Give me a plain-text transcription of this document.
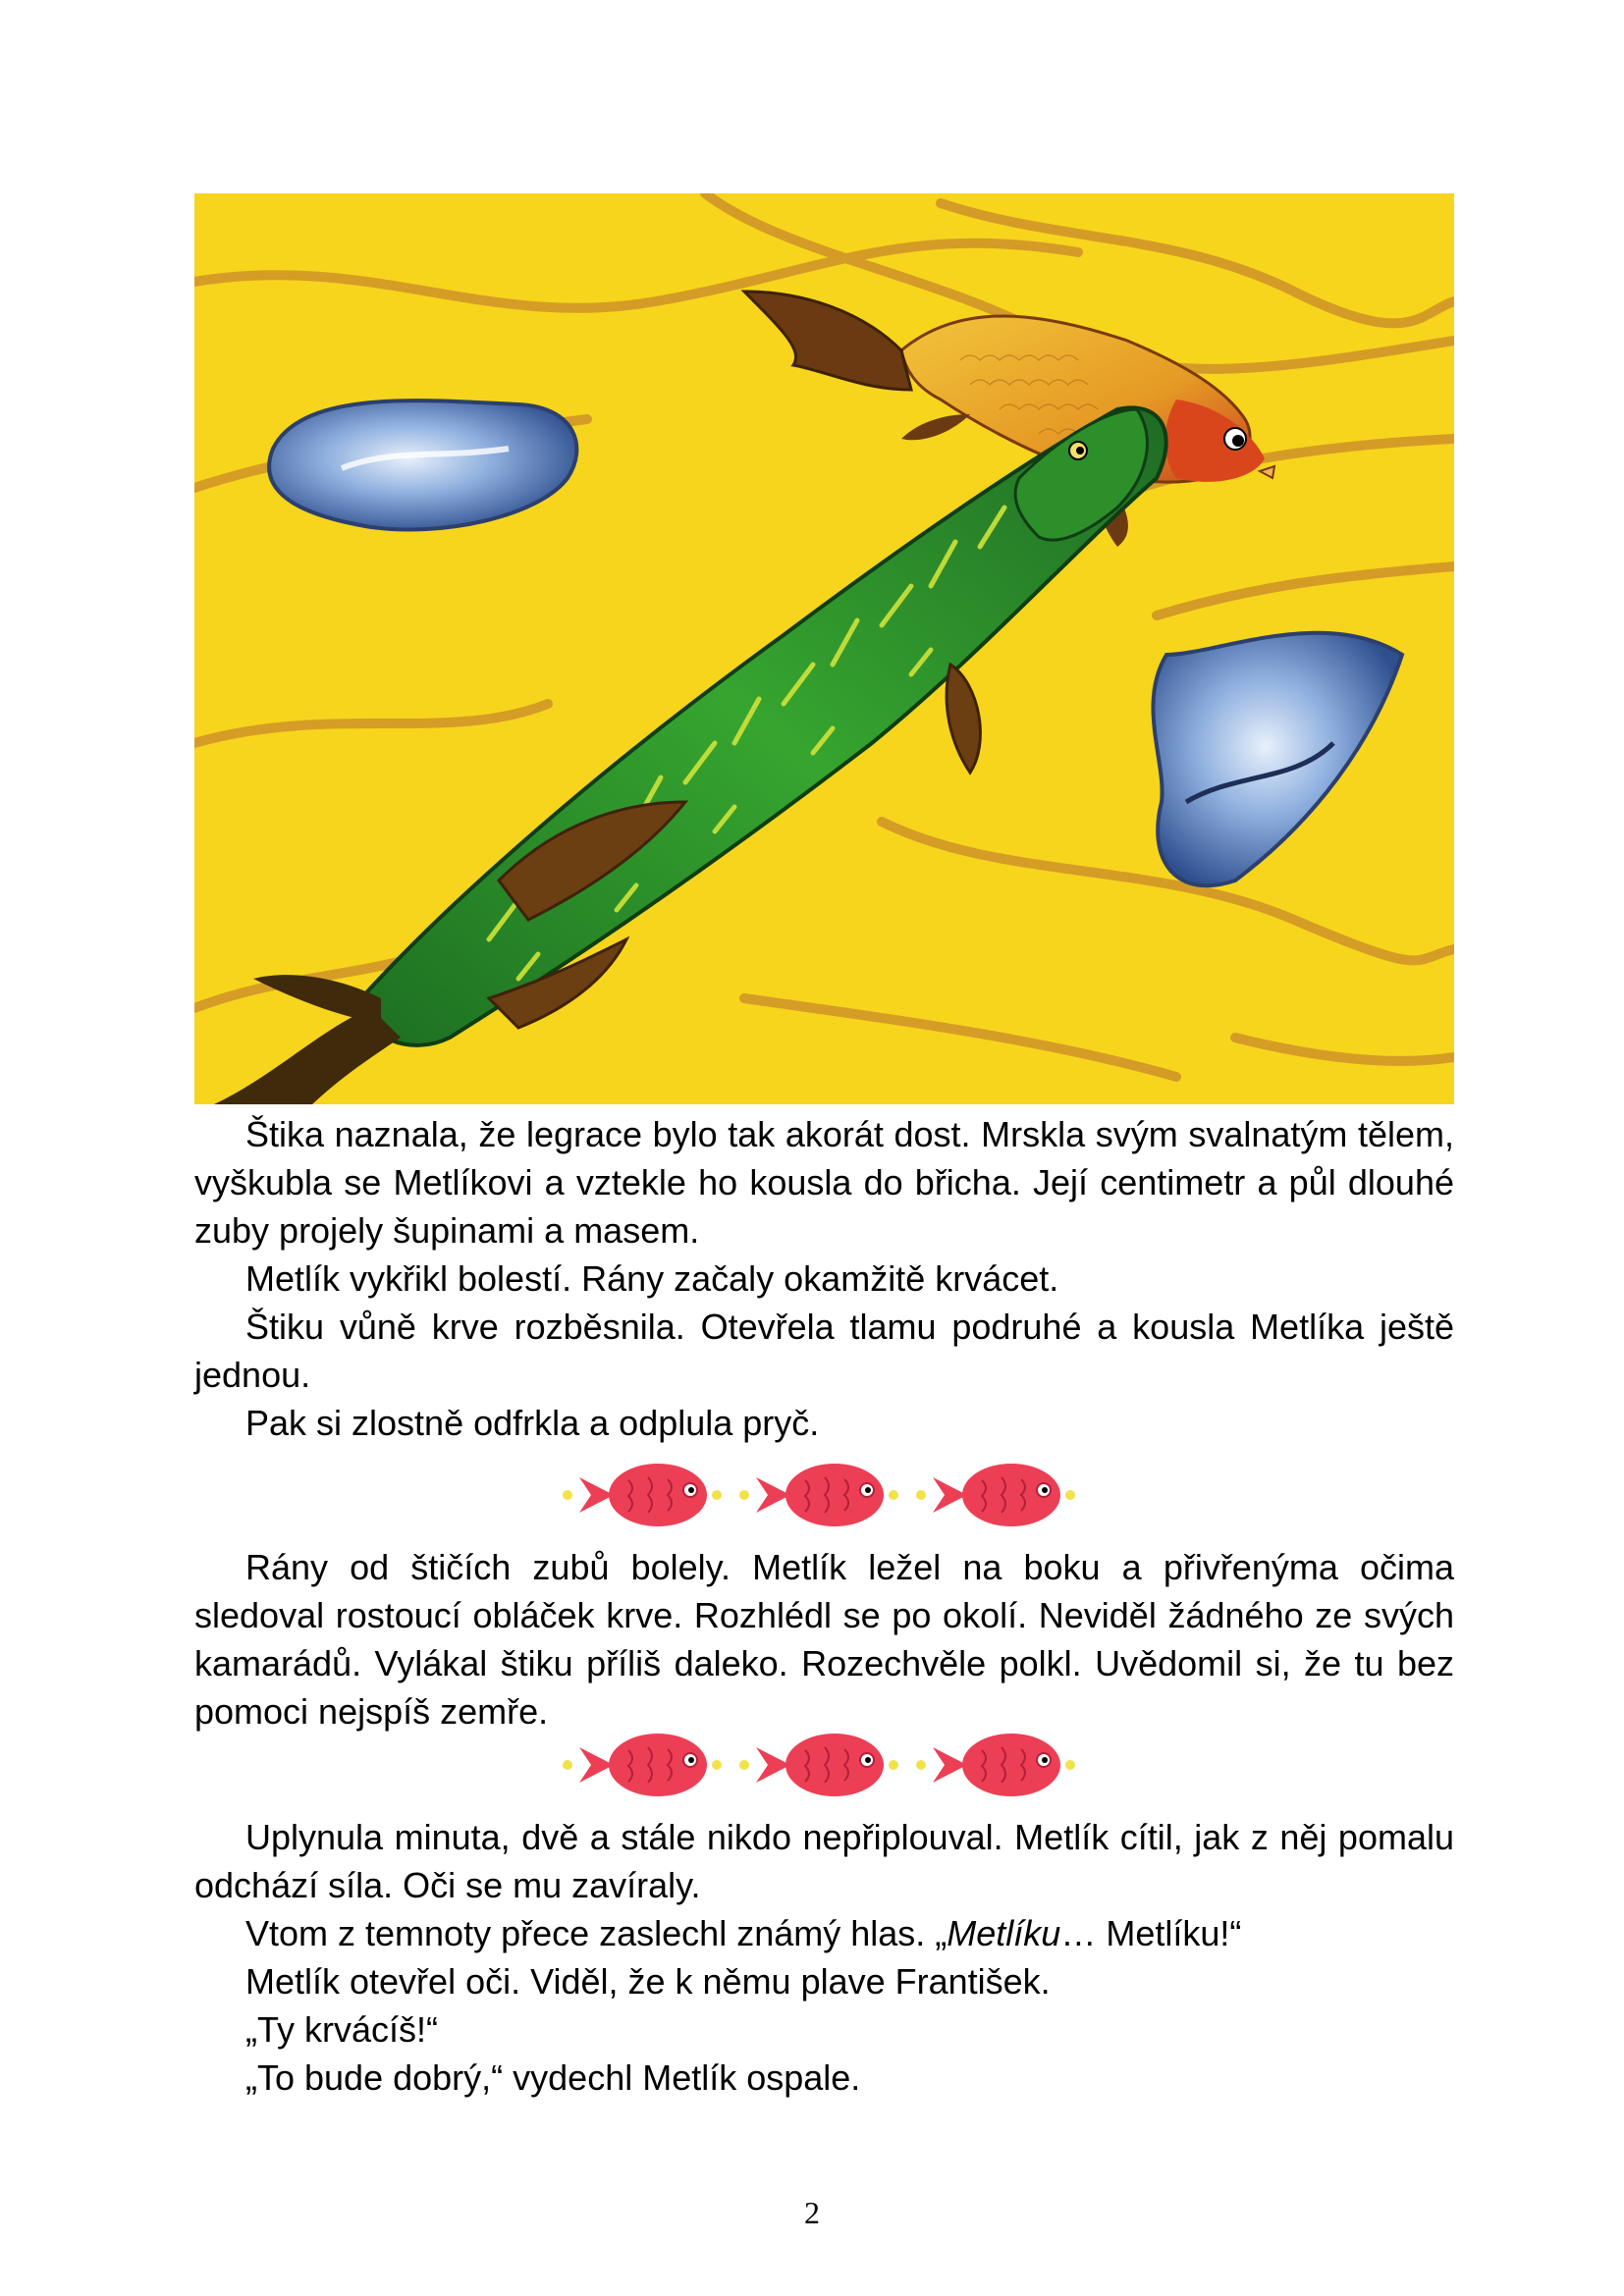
Štika naznala, že legrace bylo tak akorát dost. Mrskla svým svalnatým tělem, vyškubla se Metlíkovi a vztekle ho kousla do břicha. Její centimetr a půl dlouhé zuby projely šupinami a masem.

Metlík vykřikl bolestí. Rány začaly okamžitě krvácet.

Štiku vůně krve rozběsnila. Otevřela tlamu podruhé a kousla Metlíka ještě jednou.

Pak si zlostně odfrkla a odplula pryč.

Rány od štičích zubů bolely. Metlík ležel na boku a přivřenýma očima sledoval rostoucí obláček krve. Rozhlédl se po okolí. Neviděl žádného ze svých kamarádů. Vylákal štiku příliš daleko. Rozechvěle polkl. Uvědomil si, že tu bez pomoci nejspíš zemře.

Uplynula minuta, dvě a stále nikdo nepřiplouval. Metlík cítil, jak z něj pomalu odchází síla. Oči se mu zavíraly.

Vtom z temnoty přece zaslechl známý hlas. „Metlíku… Metlíku!“

Metlík otevřel oči. Viděl, že k němu plave František.

„Ty krvácíš!“

„To bude dobrý,“ vydechl Metlík ospale.

2
